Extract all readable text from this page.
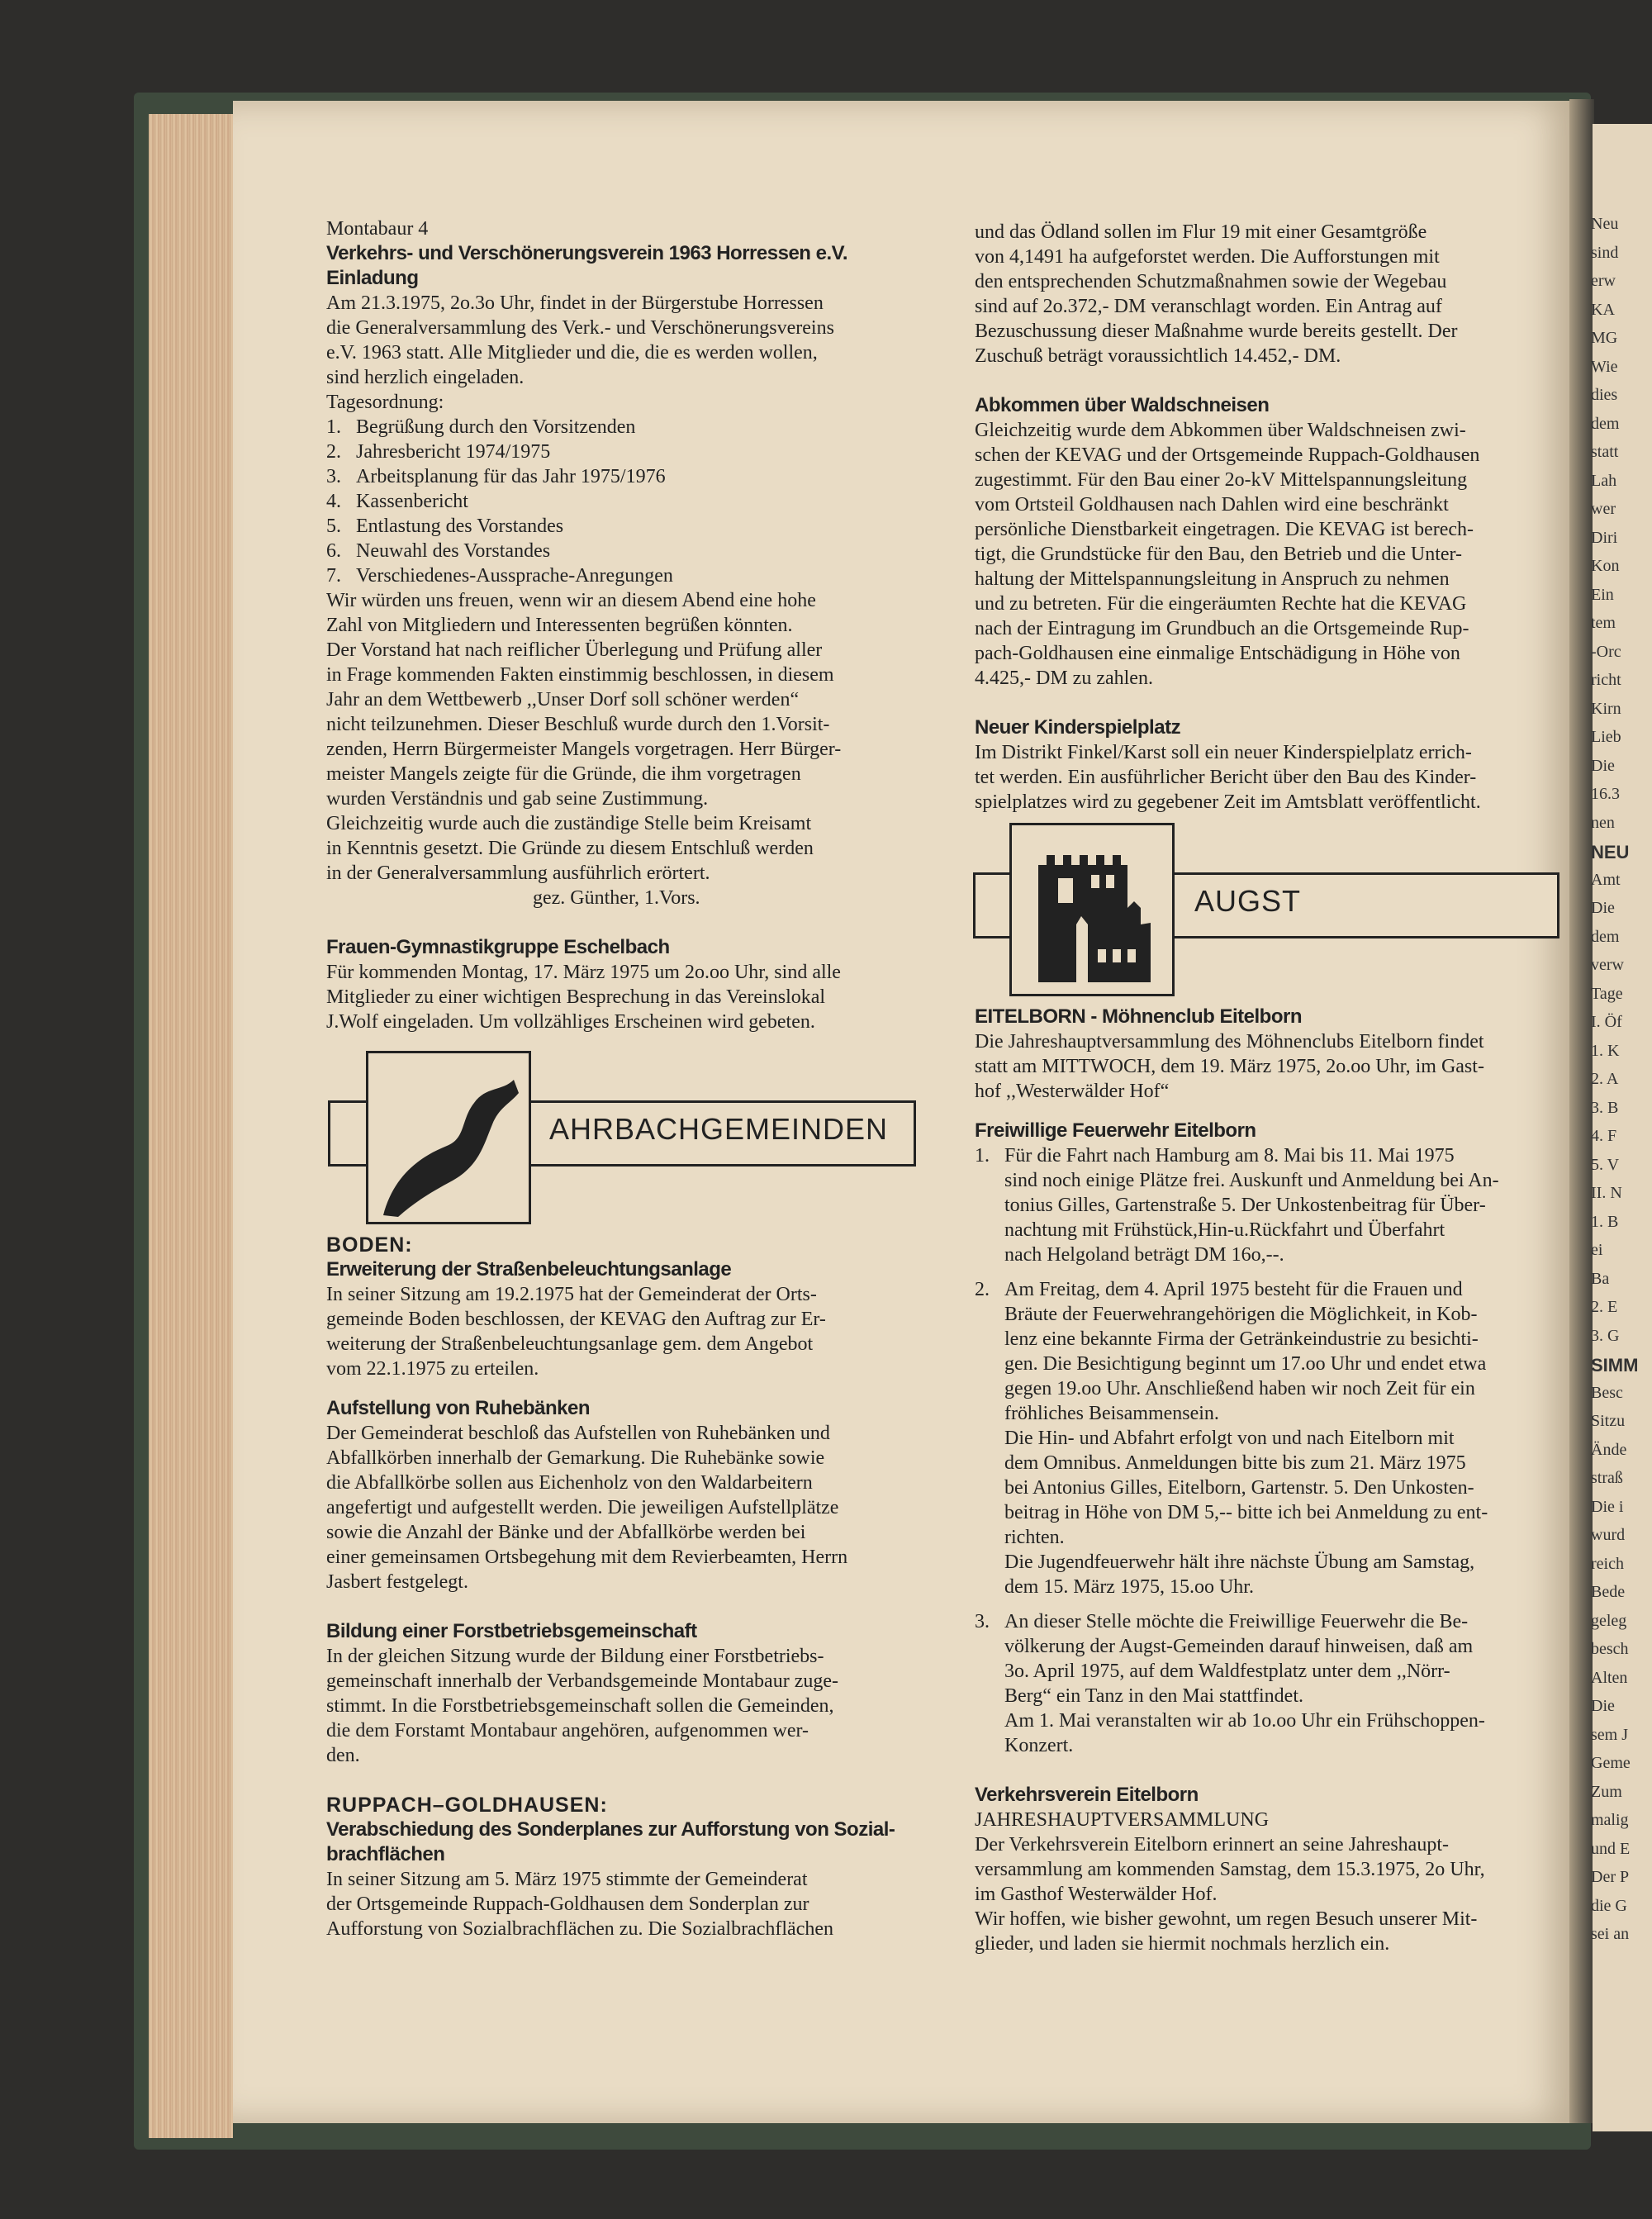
Neu
sind
erw
KA
MG
Wie
dies
dem
statt
Lah
wer
Diri
Kon
Ein
tem
-Orc
richt
Kirn
Lieb
Die
16.3
nen
NEU
Amt
Die
dem
verw
Tage
I. Öf
1. K
2. A
3. B
4. F
5. V
II. N
1. B
ei
Ba
2. E
3. G
SIMM
Besc
Sitzu
Ände
straß
Die i
wurd
reich
Bede
geleg
besch
Alten
Die
sem J
Geme
Zum
malig
und E
Der P
die G
sei an

Montabaur 4

Verkehrs- und Verschönerungsverein 1963 Horressen e.V.

Einladung

Am 21.3.1975, 2o.3o Uhr, findet in der Bürgerstube Horressen
die Generalversammlung des Verk.- und Verschönerungsvereins
e.V. 1963 statt. Alle Mitglieder und die, die es werden wollen,
sind herzlich eingeladen.
Tagesordnung:
1. Begrüßung durch den Vorsitzenden
2. Jahresbericht 1974/1975
3. Arbeitsplanung für das Jahr 1975/1976
4. Kassenbericht
5. Entlastung des Vorstandes
6. Neuwahl des Vorstandes
7. Verschiedenes-Aussprache-Anregungen
Wir würden uns freuen, wenn wir an diesem Abend eine hohe
Zahl von Mitgliedern und Interessenten begrüßen könnten.
Der Vorstand hat nach reiflicher Überlegung und Prüfung aller
in Frage kommenden Fakten einstimmig beschlossen, in diesem
Jahr an dem Wettbewerb ,,Unser Dorf soll schöner werden“
nicht teilzunehmen. Dieser Beschluß wurde durch den 1.Vorsit-
zenden, Herrn Bürgermeister Mangels vorgetragen. Herr Bürger-
meister Mangels zeigte für die Gründe, die ihm vorgetragen
wurden Verständnis und gab seine Zustimmung.
Gleichzeitig wurde auch die zuständige Stelle beim Kreisamt
in Kenntnis gesetzt. Die Gründe zu diesem Entschluß werden
in der Generalversammlung ausführlich erörtert.

gez. Günther, 1.Vors.

Frauen-Gymnastikgruppe Eschelbach

Für kommenden Montag, 17. März 1975 um 2o.oo Uhr, sind alle
Mitglieder zu einer wichtigen Besprechung in das Vereinslokal
J.Wolf eingeladen. Um vollzähliges Erscheinen wird gebeten.
AHRBACHGEMEINDEN

BODEN:

Erweiterung der Straßenbeleuchtungsanlage

In seiner Sitzung am 19.2.1975 hat der Gemeinderat der Orts-
gemeinde Boden beschlossen, der KEVAG den Auftrag zur Er-
weiterung der Straßenbeleuchtungsanlage gem. dem Angebot
vom 22.1.1975 zu erteilen.

Aufstellung von Ruhebänken

Der Gemeinderat beschloß das Aufstellen von Ruhebänken und
Abfallkörben innerhalb der Gemarkung. Die Ruhebänke sowie
die Abfallkörbe sollen aus Eichenholz von den Waldarbeitern
angefertigt und aufgestellt werden. Die jeweiligen Aufstellplätze
sowie die Anzahl der Bänke und der Abfallkörbe werden bei
einer gemeinsamen Ortsbegehung mit dem Revierbeamten, Herrn
Jasbert festgelegt.

Bildung einer Forstbetriebsgemeinschaft

In der gleichen Sitzung wurde der Bildung einer Forstbetriebs-
gemeinschaft innerhalb der Verbandsgemeinde Montabaur zuge-
stimmt. In die Forstbetriebsgemeinschaft sollen die Gemeinden,
die dem Forstamt Montabaur angehören, aufgenommen wer-
den.

RUPPACH–GOLDHAUSEN:

Verabschiedung des Sonderplanes zur Aufforstung von Sozial-
brachflächen
In seiner Sitzung am 5. März 1975 stimmte der Gemeinderat
der Ortsgemeinde Ruppach-Goldhausen dem Sonderplan zur
Aufforstung von Sozialbrachflächen zu. Die Sozialbrachflächen
und das Ödland sollen im Flur 19 mit einer Gesamtgröße
von 4,1491 ha aufgeforstet werden. Die Aufforstungen mit
den entsprechenden Schutzmaßnahmen sowie der Wegebau
sind auf 2o.372,- DM veranschlagt worden. Ein Antrag auf
Bezuschussung dieser Maßnahme wurde bereits gestellt. Der
Zuschuß beträgt voraussichtlich 14.452,- DM.

Abkommen über Waldschneisen

Gleichzeitig wurde dem Abkommen über Waldschneisen zwi-
schen der KEVAG und der Ortsgemeinde Ruppach-Goldhausen
zugestimmt. Für den Bau einer 2o-kV Mittelspannungsleitung
vom Ortsteil Goldhausen nach Dahlen wird eine beschränkt
persönliche Dienstbarkeit eingetragen. Die KEVAG ist berech-
tigt, die Grundstücke für den Bau, den Betrieb und die Unter-
haltung der Mittelspannungsleitung in Anspruch zu nehmen
und zu betreten. Für die eingeräumten Rechte hat die KEVAG
nach der Eintragung im Grundbuch an die Ortsgemeinde Rup-
pach-Goldhausen eine einmalige Entschädigung in Höhe von
4.425,- DM zu zahlen.

Neuer Kinderspielplatz

Im Distrikt Finkel/Karst soll ein neuer Kinderspielplatz errich-
tet werden. Ein ausführlicher Bericht über den Bau des Kinder-
spielplatzes wird zu gegebener Zeit im Amtsblatt veröffentlicht.
AUGST

EITELBORN - Möhnenclub Eitelborn

Die Jahreshauptversammlung des Möhnenclubs Eitelborn findet
statt am MITTWOCH, dem 19. März 1975, 2o.oo Uhr, im Gast-
hof ,,Westerwälder Hof“

Freiwillige Feuerwehr Eitelborn

1. Für die Fahrt nach Hamburg am 8. Mai bis 11. Mai 1975
sind noch einige Plätze frei. Auskunft und Anmeldung bei An-
tonius Gilles, Gartenstraße 5. Der Unkostenbeitrag für Über-
nachtung mit Frühstück,Hin-u.Rückfahrt und Überfahrt
nach Helgoland beträgt DM 16o,--.
2. Am Freitag, dem 4. April 1975 besteht für die Frauen und
Bräute der Feuerwehrangehörigen die Möglichkeit, in Kob-
lenz eine bekannte Firma der Getränkeindustrie zu besichti-
gen. Die Besichtigung beginnt um 17.oo Uhr und endet etwa
gegen 19.oo Uhr. Anschließend haben wir noch Zeit für ein
fröhliches Beisammensein.
Die Hin- und Abfahrt erfolgt von und nach Eitelborn mit
dem Omnibus. Anmeldungen bitte bis zum 21. März 1975
bei Antonius Gilles, Eitelborn, Gartenstr. 5. Den Unkosten-
beitrag in Höhe von DM 5,-- bitte ich bei Anmeldung zu ent-
richten.
Die Jugendfeuerwehr hält ihre nächste Übung am Samstag,
dem 15. März 1975, 15.oo Uhr.
3. An dieser Stelle möchte die Freiwillige Feuerwehr die Be-
völkerung der Augst-Gemeinden darauf hinweisen, daß am
3o. April 1975, auf dem Waldfestplatz unter dem ,,Nörr-
Berg“ ein Tanz in den Mai stattfindet.
Am 1. Mai veranstalten wir ab 1o.oo Uhr ein Frühschoppen-
Konzert.

Verkehrsverein Eitelborn

JAHRESHAUPTVERSAMMLUNG

Der Verkehrsverein Eitelborn erinnert an seine Jahreshaupt-
versammlung am kommenden Samstag, dem 15.3.1975, 2o Uhr,
im Gasthof Westerwälder Hof.
Wir hoffen, wie bisher gewohnt, um regen Besuch unserer Mit-
glieder, und laden sie hiermit nochmals herzlich ein.
